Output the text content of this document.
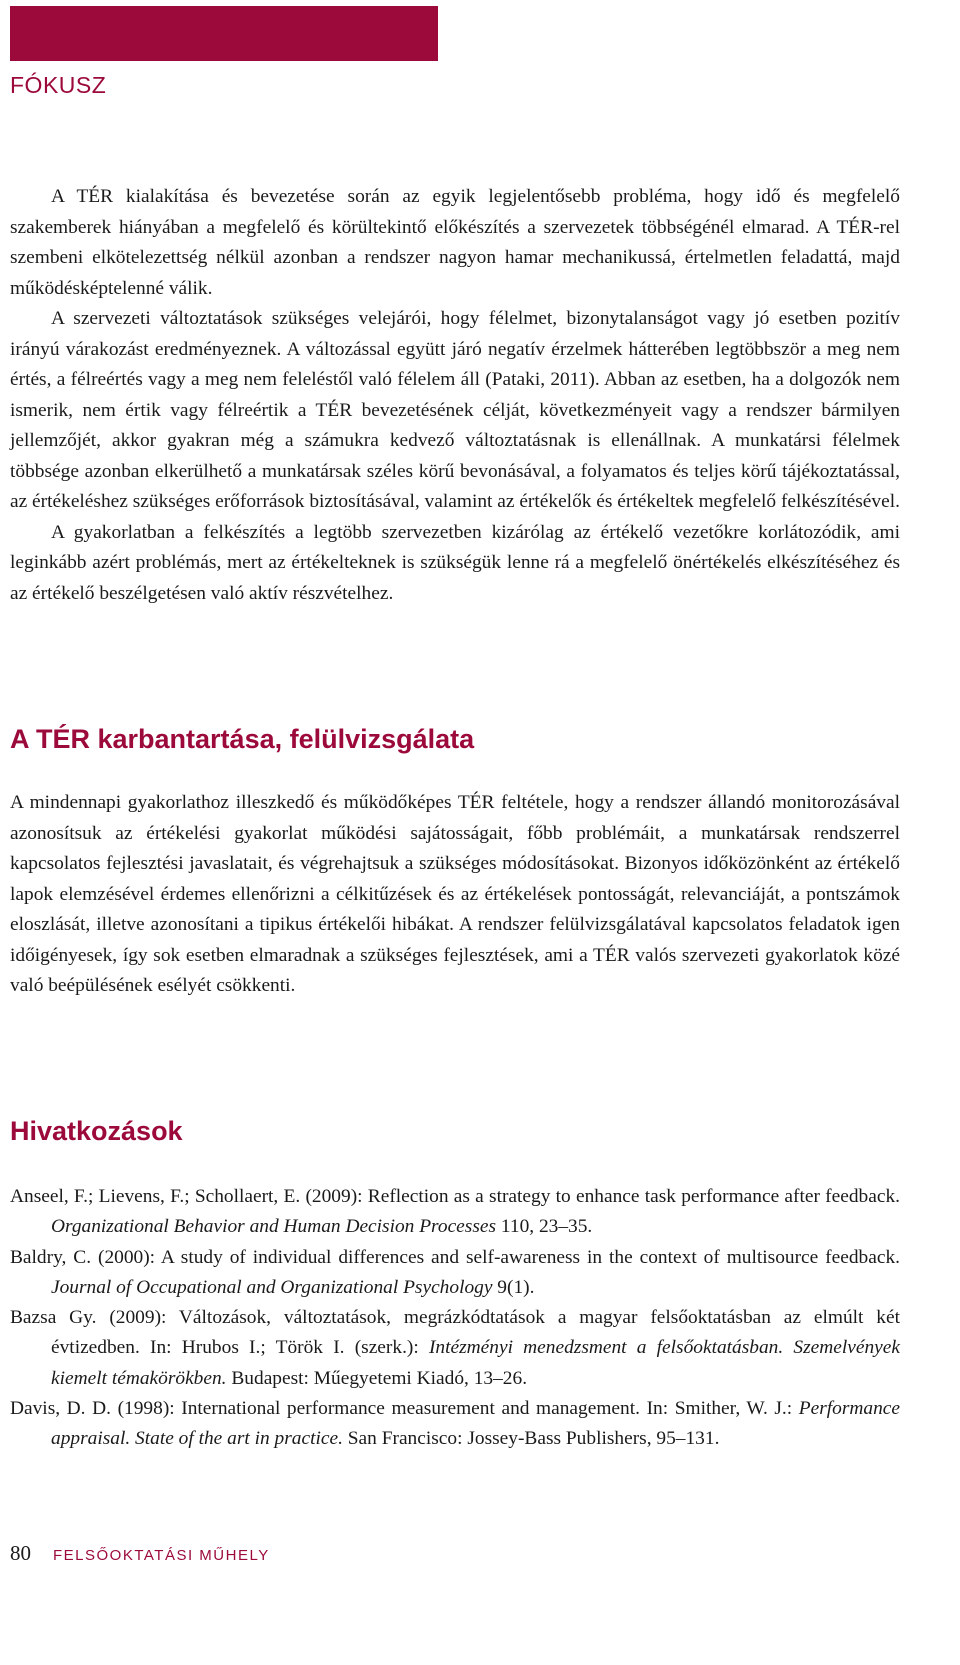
FÓKUSZ

A TÉR kialakítása és bevezetése során az egyik legjelentősebb probléma, hogy idő és megfelelő szakemberek hiányában a megfelelő és körültekintő előkészítés a szervezetek többségénél elmarad. A TÉR-rel szembeni elkötelezettség nélkül azonban a rendszer nagyon hamar mechanikussá, értelmetlen feladattá, majd működésképtelenné válik.

A szervezeti változtatások szükséges velejárói, hogy félelmet, bizonytalanságot vagy jó esetben pozitív irányú várakozást eredményeznek. A változással együtt járó negatív érzelmek hátterében legtöbbször a meg nem értés, a félreértés vagy a meg nem feleléstől való félelem áll (Pataki, 2011). Abban az esetben, ha a dolgozók nem ismerik, nem értik vagy félreértik a TÉR bevezetésének célját, következményeit vagy a rendszer bármilyen jellemzőjét, akkor gyakran még a számukra kedvező változtatásnak is ellenállnak. A munkatársi félelmek többsége azonban elkerülhető a munkatársak széles körű bevonásával, a folyamatos és teljes körű tájékoztatással, az értékeléshez szükséges erőforrások biztosításával, valamint az értékelők és értékeltek megfelelő felkészítésével.

A gyakorlatban a felkészítés a legtöbb szervezetben kizárólag az értékelő vezetőkre korlátozódik, ami leginkább azért problémás, mert az értékelteknek is szükségük lenne rá a megfelelő önértékelés elkészítéséhez és az értékelő beszélgetésen való aktív részvételhez.

A TÉR karbantartása, felülvizsgálata

A mindennapi gyakorlathoz illeszkedő és működőképes TÉR feltétele, hogy a rendszer állandó monitorozásával azonosítsuk az értékelési gyakorlat működési sajátosságait, főbb problémáit, a munkatársak rendszerrel kapcsolatos fejlesztési javaslatait, és végrehajtsuk a szükséges módosításokat. Bizonyos időközönként az értékelő lapok elemzésével érdemes ellenőrizni a célkitűzések és az értékelések pontosságát, relevanciáját, a pontszámok eloszlását, illetve azonosítani a tipikus értékelői hibákat. A rendszer felülvizsgálatával kapcsolatos feladatok igen időigényesek, így sok esetben elmaradnak a szükséges fejlesztések, ami a TÉR valós szervezeti gyakorlatok közé való beépülésének esélyét csökkenti.

Hivatkozások

Anseel, F.; Lievens, F.; Schollaert, E. (2009): Reflection as a strategy to enhance task performance after feedback. Organizational Behavior and Human Decision Processes 110, 23–35.

Baldry, C. (2000): A study of individual differences and self-awareness in the context of multisource feedback. Journal of Occupational and Organizational Psychology 9(1).

Bazsa Gy. (2009): Változások, változtatások, megrázkódtatások a magyar felsőoktatásban az elmúlt két évtizedben. In: Hrubos I.; Török I. (szerk.): Intézményi menedzsment a felsőoktatásban. Szemelvények kiemelt témakörökben. Budapest: Műegyetemi Kiadó, 13–26.

Davis, D. D. (1998): International performance measurement and management. In: Smither, W. J.: Performance appraisal. State of the art in practice. San Francisco: Jossey-Bass Publishers, 95–131.

80 FELSŐOKTATÁSI MŰHELY
